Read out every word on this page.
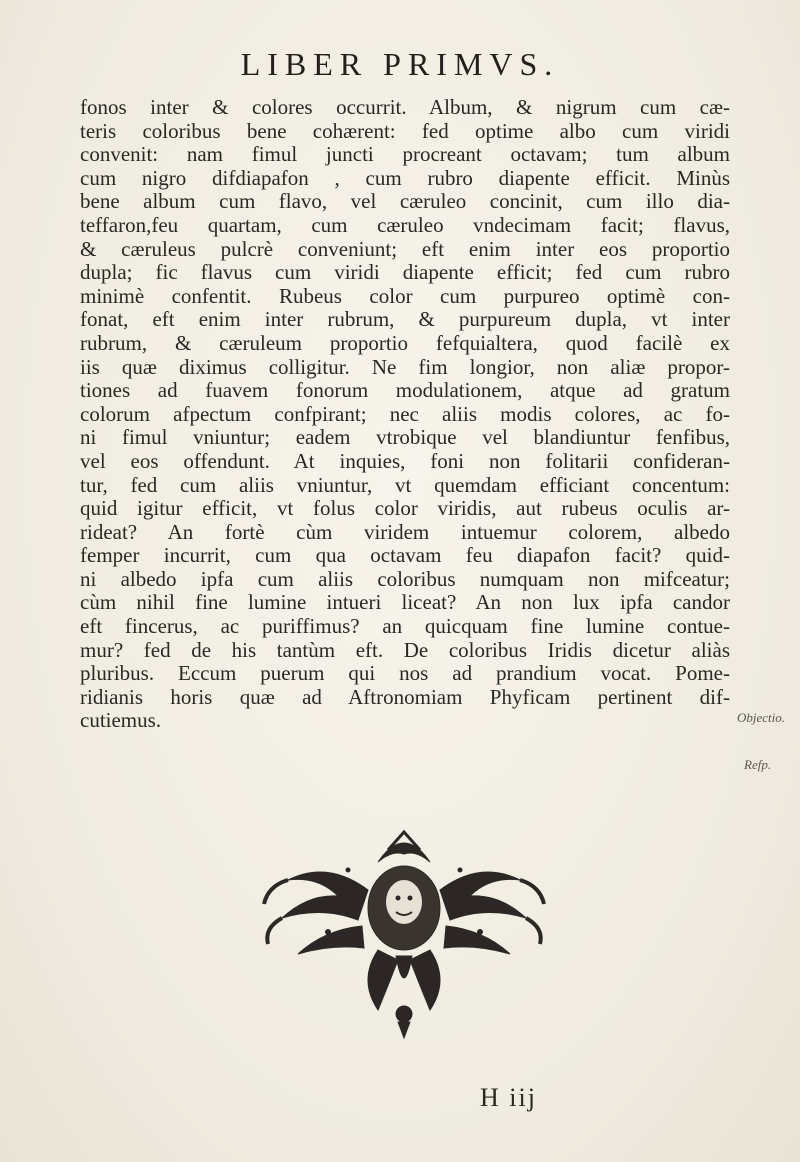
LIBER PRIMVS.
fonos inter & colores occurrit. Album, & nigrum cum cæ-
teris coloribus bene cohærent: fed optime albo cum viridi
convenit: nam fimul juncti procreant octavam; tum album
cum nigro difdiapafon , cum rubro diapente efficit. Minùs
bene album cum flavo, vel cæruleo concinit, cum illo dia-
teffaron,feu quartam, cum cæruleo vndecimam facit; flavus,
& cæruleus pulcrè conveniunt; eft enim inter eos proportio
dupla; fic flavus cum viridi diapente efficit; fed cum rubro
minimè confentit. Rubeus color cum purpureo optimè con-
fonat, eft enim inter rubrum, & purpureum dupla, vt inter
rubrum, & cæruleum proportio fefquialtera, quod facilè ex
iis quæ diximus colligitur. Ne fim longior, non aliæ propor-
tiones ad fuavem fonorum modulationem, atque ad gratum
colorum afpectum confpirant; nec aliis modis colores, ac fo-
ni fimul vniuntur; eadem vtrobique vel blandiuntur fenfibus,
vel eos offendunt. At inquies, foni non folitarii confideran-
tur, fed cum aliis vniuntur, vt quemdam efficiant concentum:
quid igitur efficit, vt folus color viridis, aut rubeus oculis ar-
rideat? An fortè cùm viridem intuemur colorem, albedo
femper incurrit, cum qua octavam feu diapafon facit? quid-
ni albedo ipfa cum aliis coloribus numquam non mifceatur;
cùm nihil fine lumine intueri liceat? An non lux ipfa candor
eft fincerus, ac puriffimus? an quicquam fine lumine contue-
mur? fed de his tantùm eft. De coloribus Iridis dicetur aliàs
pluribus. Eccum puerum qui nos ad prandium vocat. Pome-
ridianis horis quæ ad Aftronomiam Phyficam pertinent dif-
cutiemus.	Objectio.
Refp.
H iij
